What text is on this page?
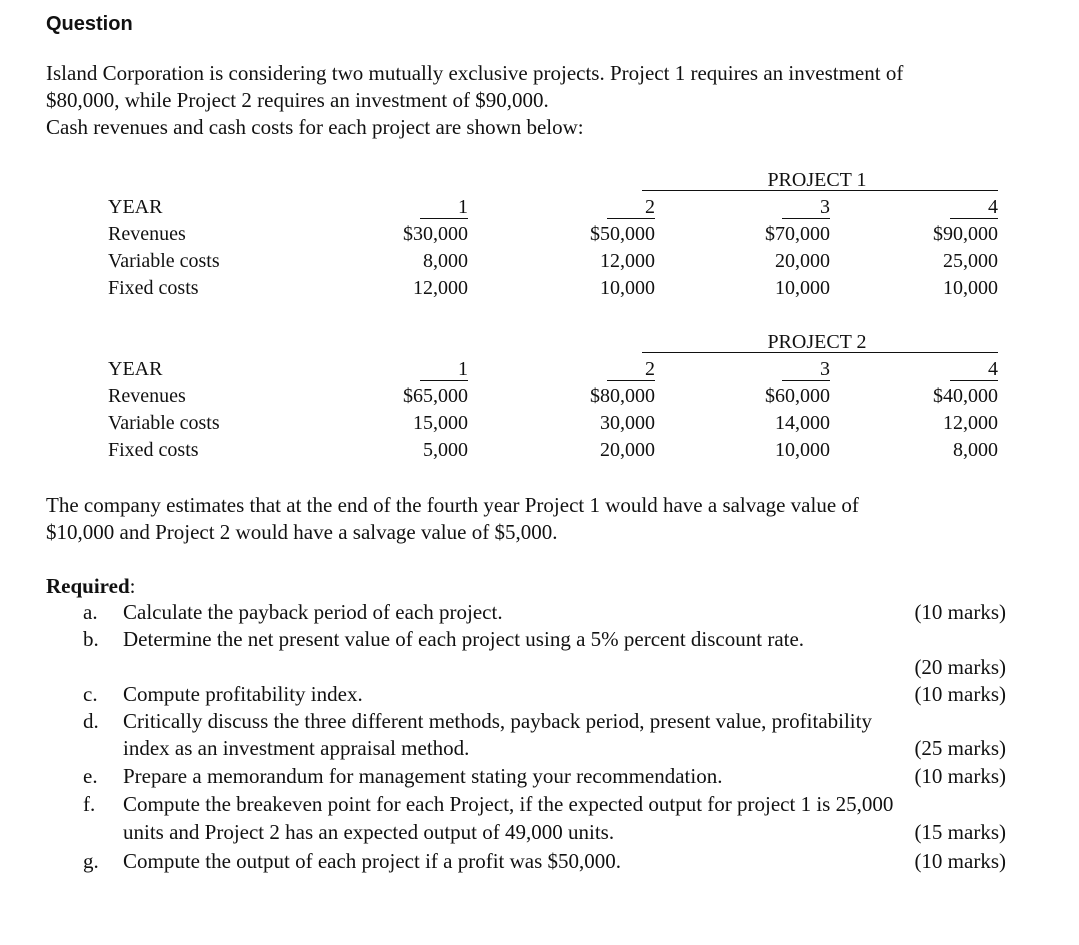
Question
Island Corporation is considering two mutually exclusive projects. Project 1 requires an investment of
$80,000, while Project 2 requires an investment of $90,000.
Cash revenues and cash costs for each project are shown below:
PROJECT 1
YEAR	1	2	3	4
Revenues	$30,000	$50,000	$70,000	$90,000
Variable costs	8,000	12,000	20,000	25,000
Fixed costs	12,000	10,000	10,000	10,000
PROJECT 2
YEAR	1	2	3	4
Revenues	$65,000	$80,000	$60,000	$40,000
Variable costs	15,000	30,000	14,000	12,000
Fixed costs	5,000	20,000	10,000	8,000
The company estimates that at the end of the fourth year Project 1 would have a salvage value of
$10,000 and Project 2 would have a salvage value of $5,000.
Required:
a. Calculate the payback period of each project.	(10 marks)
b. Determine the net present value of each project using a 5% percent discount rate.
(20 marks)
c. Compute profitability index.	(10 marks)
d. Critically discuss the three different methods, payback period, present value, profitability
index as an investment appraisal method.	(25 marks)
e. Prepare a memorandum for management stating your recommendation.	(10 marks)
f. Compute the breakeven point for each Project, if the expected output for project 1 is 25,000
units and Project 2 has an expected output of 49,000 units.	(15 marks)
g. Compute the output of each project if a profit was $50,000.	(10 marks)
